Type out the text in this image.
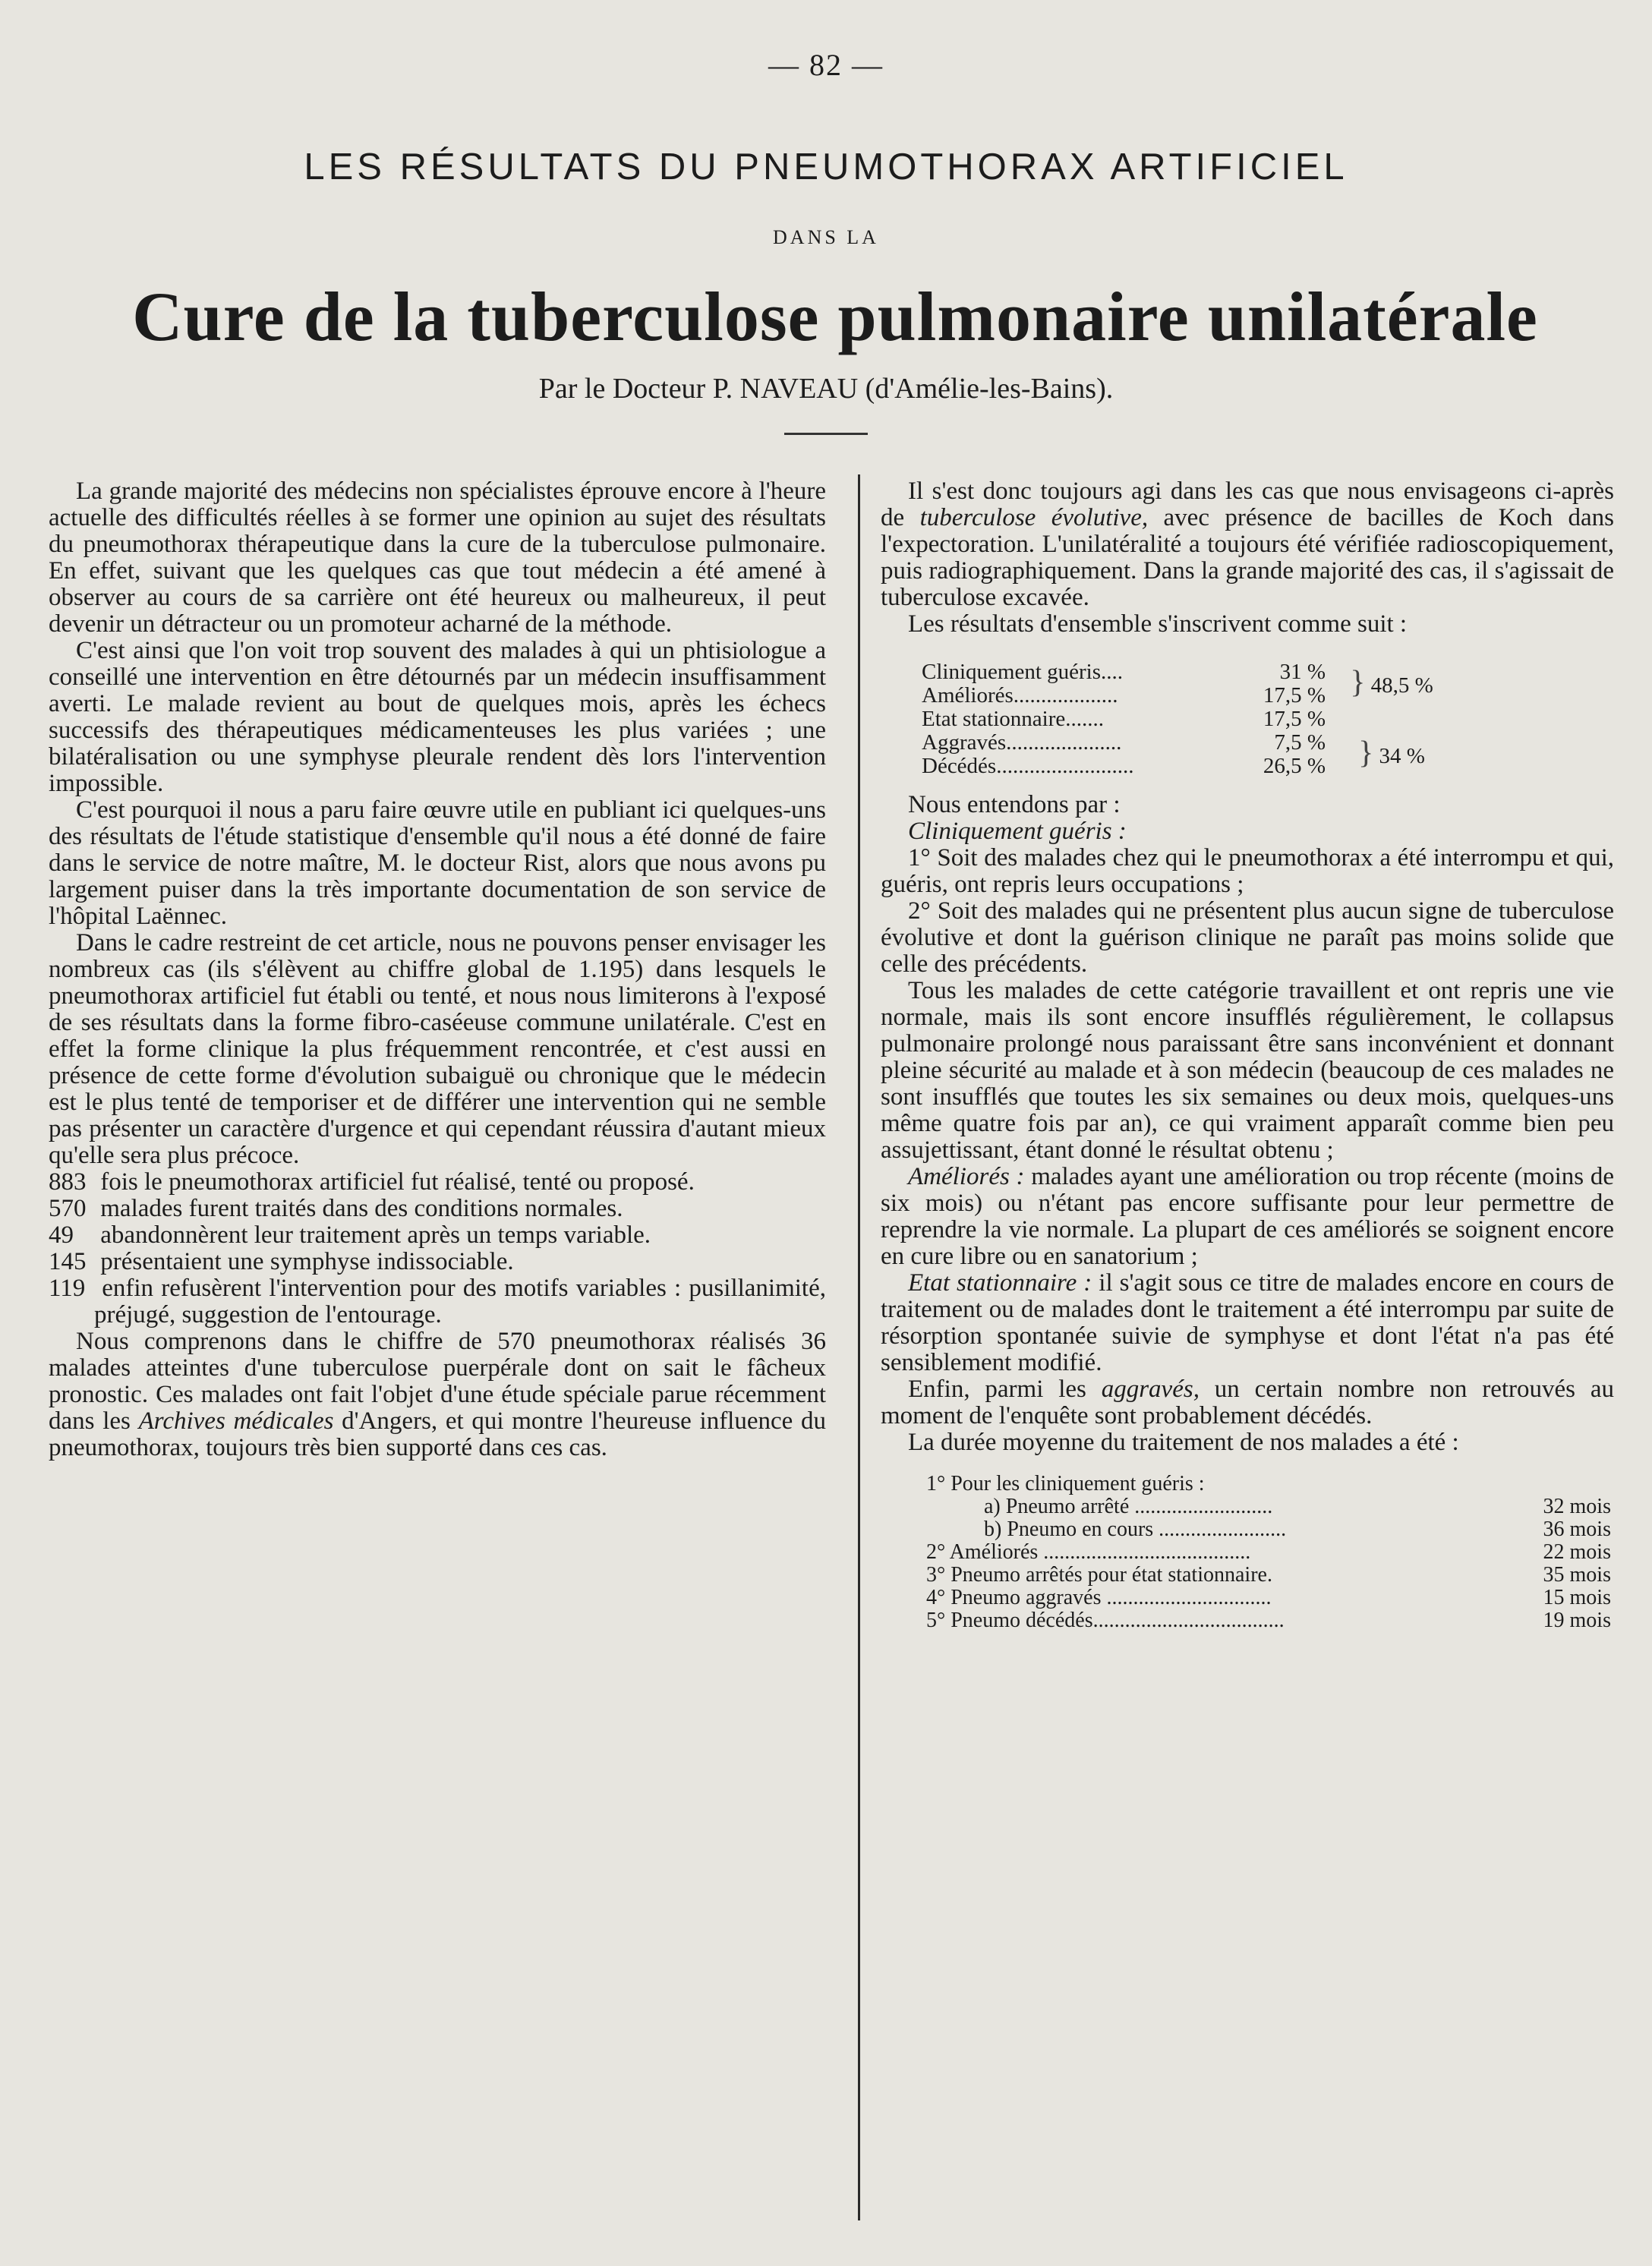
— 82 —
LES RÉSULTATS DU PNEUMOTHORAX ARTIFICIEL
DANS LA
Cure de la tuberculose pulmonaire unilatérale
Par le Docteur P. NAVEAU (d'Amélie-les-Bains).

La grande majorité des médecins non spécialistes éprouve encore à l'heure actuelle des difficultés réelles à se former une opinion au sujet des résultats du pneumothorax thérapeutique dans la cure de la tuberculose pulmonaire. En effet, suivant que les quelques cas que tout médecin a été amené à observer au cours de sa carrière ont été heureux ou malheureux, il peut devenir un détracteur ou un promoteur acharné de la méthode.

C'est ainsi que l'on voit trop souvent des malades à qui un phtisiologue a conseillé une intervention en être détournés par un médecin insuffisamment averti. Le malade revient au bout de quelques mois, après les échecs successifs des thérapeutiques médicamenteuses les plus variées ; une bilatéralisation ou une symphyse pleurale rendent dès lors l'intervention impossible.

C'est pourquoi il nous a paru faire œuvre utile en publiant ici quelques-uns des résultats de l'étude statistique d'ensemble qu'il nous a été donné de faire dans le service de notre maître, M. le docteur Rist, alors que nous avons pu largement puiser dans la très importante documentation de son service de l'hôpital Laënnec.

Dans le cadre restreint de cet article, nous ne pouvons penser envisager les nombreux cas (ils s'élèvent au chiffre global de 1.195) dans lesquels le pneumothorax artificiel fut établi ou tenté, et nous nous limiterons à l'exposé de ses résultats dans la forme fibro-caséeuse commune unilatérale. C'est en effet la forme clinique la plus fréquemment rencontrée, et c'est aussi en présence de cette forme d'évolution subaiguë ou chronique que le médecin est le plus tenté de temporiser et de différer une intervention qui ne semble pas présenter un caractère d'urgence et qui cependant réussira d'autant mieux qu'elle sera plus précoce.

883 fois le pneumothorax artificiel fut réalisé, tenté ou proposé.
570 malades furent traités dans des conditions normales.
49 abandonnèrent leur traitement après un temps variable.
145 présentaient une symphyse indissociable.
119 enfin refusèrent l'intervention pour des motifs variables : pusillanimité, préjugé, suggestion de l'entourage.

Nous comprenons dans le chiffre de 570 pneumothorax réalisés 36 malades atteintes d'une tuberculose puerpérale dont on sait le fâcheux pronostic. Ces malades ont fait l'objet d'une étude spéciale parue récemment dans les Archives médicales d'Angers, et qui montre l'heureuse influence du pneumothorax, toujours très bien supporté dans ces cas.

Il s'est donc toujours agi dans les cas que nous envisageons ci-après de tuberculose évolutive, avec présence de bacilles de Koch dans l'expectoration. L'unilatéralité a toujours été vérifiée radioscopiquement, puis radiographiquement. Dans la grande majorité des cas, il s'agissait de tuberculose excavée.

Les résultats d'ensemble s'inscrivent comme suit :

Cliniquement guéris....	31 %	} 48,5 %
Améliorés...................	17,5 %	
Etat stationnaire.......	17,5 %	
Aggravés.....................	7,5 %	} 34 %
Décédés.........................	26,5 %	

Nous entendons par :

Cliniquement guéris :

1° Soit des malades chez qui le pneumothorax a été interrompu et qui, guéris, ont repris leurs occupations ;

2° Soit des malades qui ne présentent plus aucun signe de tuberculose évolutive et dont la guérison clinique ne paraît pas moins solide que celle des précédents.

Tous les malades de cette catégorie travaillent et ont repris une vie normale, mais ils sont encore insufflés régulièrement, le collapsus pulmonaire prolongé nous paraissant être sans inconvénient et donnant pleine sécurité au malade et à son médecin (beaucoup de ces malades ne sont insufflés que toutes les six semaines ou deux mois, quelques-uns même quatre fois par an), ce qui vraiment apparaît comme bien peu assujettissant, étant donné le résultat obtenu ;

Améliorés : malades ayant une amélioration ou trop récente (moins de six mois) ou n'étant pas encore suffisante pour leur permettre de reprendre la vie normale. La plupart de ces améliorés se soignent encore en cure libre ou en sanatorium ;

Etat stationnaire : il s'agit sous ce titre de malades encore en cours de traitement ou de malades dont le traitement a été interrompu par suite de résorption spontanée suivie de symphyse et dont l'état n'a pas été sensiblement modifié.

Enfin, parmi les aggravés, un certain nombre non retrouvés au moment de l'enquête sont probablement décédés.

La durée moyenne du traitement de nos malades a été :

1° Pour les cliniquement guéris :	
a) Pneumo arrêté ..........................	32 mois
b) Pneumo en cours ........................	36 mois
2° Améliorés .......................................	22 mois
3° Pneumo arrêtés pour état stationnaire.	35 mois
4° Pneumo aggravés ...............................	15 mois
5° Pneumo décédés....................................	19 mois
